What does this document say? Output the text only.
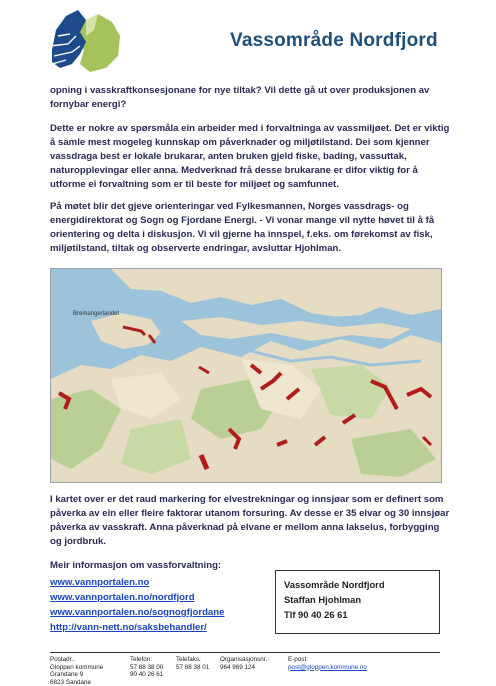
Vassområde Nordfjord

opning i vasskraftkonsesjonane for nye tiltak? Vil dette gå ut over produksjonen av fornybar energi?

Dette er nokre av spørsmåla ein arbeider med i forvaltninga av vassmiljøet. Det er viktig å samle mest mogeleg kunnskap om påverknader og miljøtilstand. Dei som kjenner vassdraga best er lokale brukarar, anten bruken gjeld fiske, bading, vassuttak, naturopplevingar eller anna. Medverknad frå desse brukarane er difor viktig for å utforme ei forvaltning som er til beste for miljøet og samfunnet.

På møtet blir det gjeve orienteringar ved Fylkesmannen, Norges vassdrags- og energidirektorat og Sogn og Fjordane Energi. - Vi vonar mange vil nytte høvet til å få orientering og delta i diskusjon. Vi vil gjerne ha innspel, f.eks. om førekomst av fisk, miljøtilstand, tiltak og observerte endringar, avsluttar Hjohlman.

Bremangerlandet

I kartet over er det raud markering for elvestrekningar og innsjøar som er definert som påverka av ein eller fleire faktorar utanom forsuring. Av desse er 35 elvar og 30 innsjøar påverka av vasskraft. Anna påverknad på elvane er mellom anna lakselus, forbygging og jordbruk.

Meir informasjon om vassforvaltning:
www.vannportalen.no
www.vannportalen.no/nordfjord
www.vannportalen.no/sognogfjordane
http://vann-nett.no/saksbehandler/
Vassområde Nordfjord
Staffan Hjohlman
Tlf 90 40 26 61
Postadr.:
Gloppen kommune
Grandane 9
6823 Sandane
Telefon:
57 88 38 00
90 40 26 61
Telefaks:
57 88 38 01
Organisasjonsnr.:
964 969 124
E-post:
post@gloppen.kommune.no
